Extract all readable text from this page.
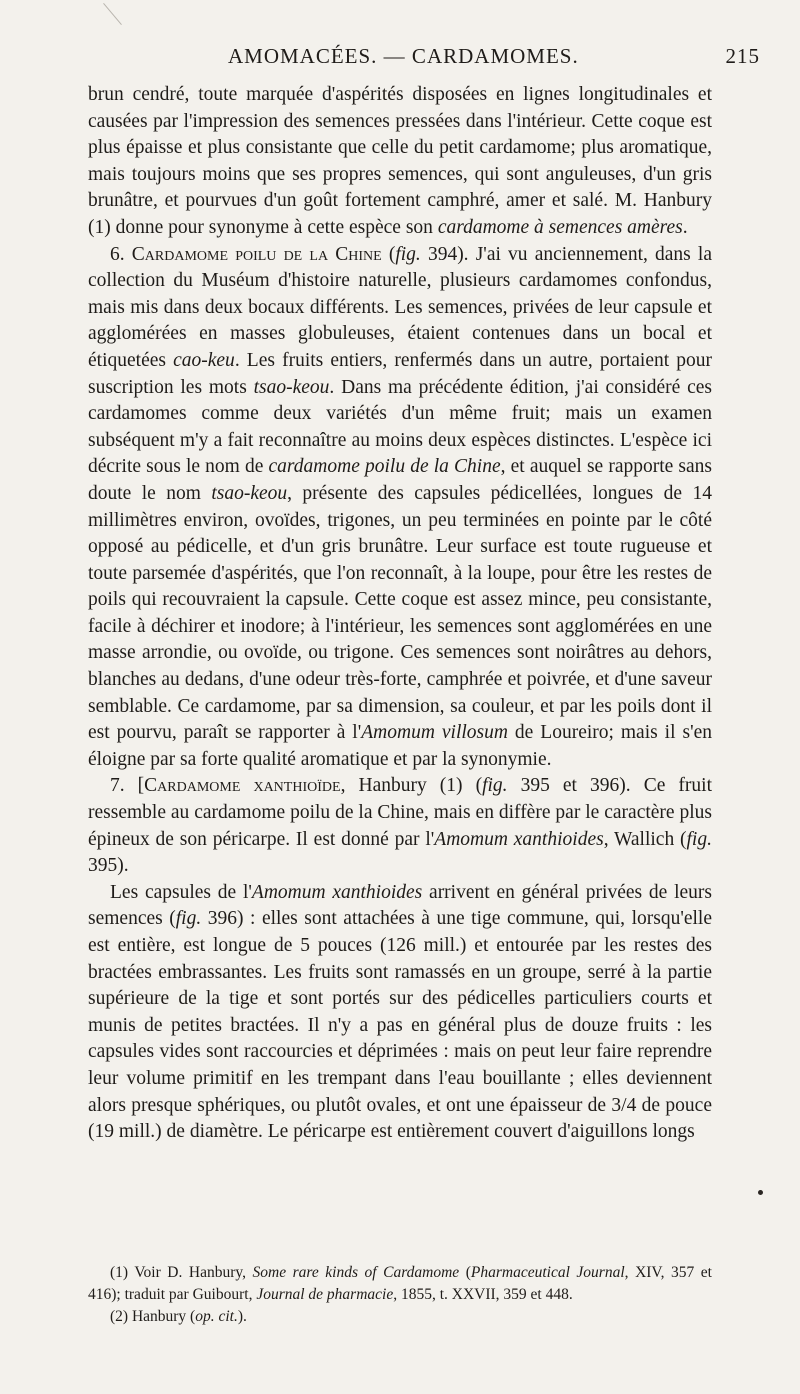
AMOMACÉES. — CARDAMOMES.	215

brun cendré, toute marquée d'aspérités disposées en lignes longitudinales et causées par l'impression des semences pressées dans l'intérieur. Cette coque est plus épaisse et plus consistante que celle du petit cardamome; plus aromatique, mais toujours moins que ses propres semences, qui sont anguleuses, d'un gris brunâtre, et pourvues d'un goût fortement camphré, amer et salé. M. Hanbury (1) donne pour synonyme à cette espèce son cardamome à semences amères.

6. Cardamome poilu de la Chine (fig. 394). J'ai vu anciennement, dans la collection du Muséum d'histoire naturelle, plusieurs cardamomes confondus, mais mis dans deux bocaux différents. Les semences, privées de leur capsule et agglomérées en masses globuleuses, étaient contenues dans un bocal et étiquetées cao-keu. Les fruits entiers, renfermés dans un autre, portaient pour suscription les mots tsao-keou. Dans ma précédente édition, j'ai considéré ces cardamomes comme deux variétés d'un même fruit; mais un examen subséquent m'y a fait reconnaître au moins deux espèces distinctes. L'espèce ici décrite sous le nom de cardamome poilu de la Chine, et auquel se rapporte sans doute le nom tsao-keou, présente des capsules pédicellées, longues de 14 millimètres environ, ovoïdes, trigones, un peu terminées en pointe par le côté opposé au pédicelle, et d'un gris brunâtre. Leur surface est toute rugueuse et toute parsemée d'aspérités, que l'on reconnaît, à la loupe, pour être les restes de poils qui recouvraient la capsule. Cette coque est assez mince, peu consistante, facile à déchirer et inodore; à l'intérieur, les semences sont agglomérées en une masse arrondie, ou ovoïde, ou trigone. Ces semences sont noirâtres au dehors, blanches au dedans, d'une odeur très-forte, camphrée et poivrée, et d'une saveur semblable. Ce cardamome, par sa dimension, sa couleur, et par les poils dont il est pourvu, paraît se rapporter à l'Amomum villosum de Loureiro; mais il s'en éloigne par sa forte qualité aromatique et par la synonymie.

7. [Cardamome xanthioïde, Hanbury (1) (fig. 395 et 396). Ce fruit ressemble au cardamome poilu de la Chine, mais en diffère par le caractère plus épineux de son péricarpe. Il est donné par l'Amomum xanthioides, Wallich (fig. 395).

Les capsules de l'Amomum xanthioides arrivent en général privées de leurs semences (fig. 396) : elles sont attachées à une tige commune, qui, lorsqu'elle est entière, est longue de 5 pouces (126 mill.) et entourée par les restes des bractées embrassantes. Les fruits sont ramassés en un groupe, serré à la partie supérieure de la tige et sont portés sur des pédicelles particuliers courts et munis de petites bractées. Il n'y a pas en général plus de douze fruits : les capsules vides sont raccourcies et déprimées : mais on peut leur faire reprendre leur volume primitif en les trempant dans l'eau bouillante ; elles deviennent alors presque sphériques, ou plutôt ovales, et ont une épaisseur de 3/4 de pouce (19 mill.) de diamètre. Le péricarpe est entièrement couvert d'aiguillons longs

(1) Voir D. Hanbury, Some rare kinds of Cardamome (Pharmaceutical Journal, XIV, 357 et 416); traduit par Guibourt, Journal de pharmacie, 1855, t. XXVII, 359 et 448.

(2) Hanbury (op. cit.).
